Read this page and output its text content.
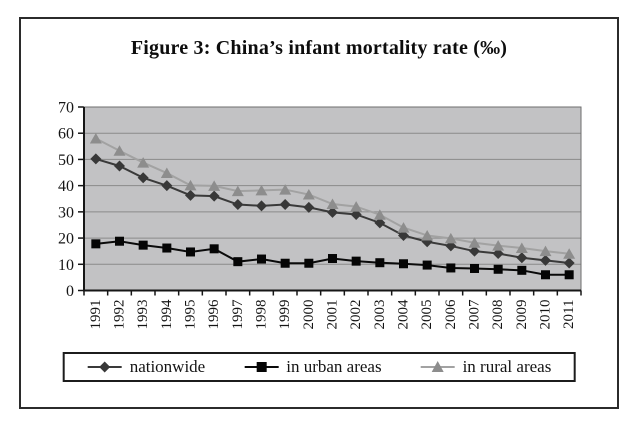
Figure 3: China’s infant mortality rate (‰)
0
10
20
30
40
50
60
70
1991 1992 1993 1994 1995 1996 1997 1998 1999 2000 2001 2002 2003 2004 2005 2006 2007 2008 2009 2010 2011
nationwide	in urban areas	in rural areas
